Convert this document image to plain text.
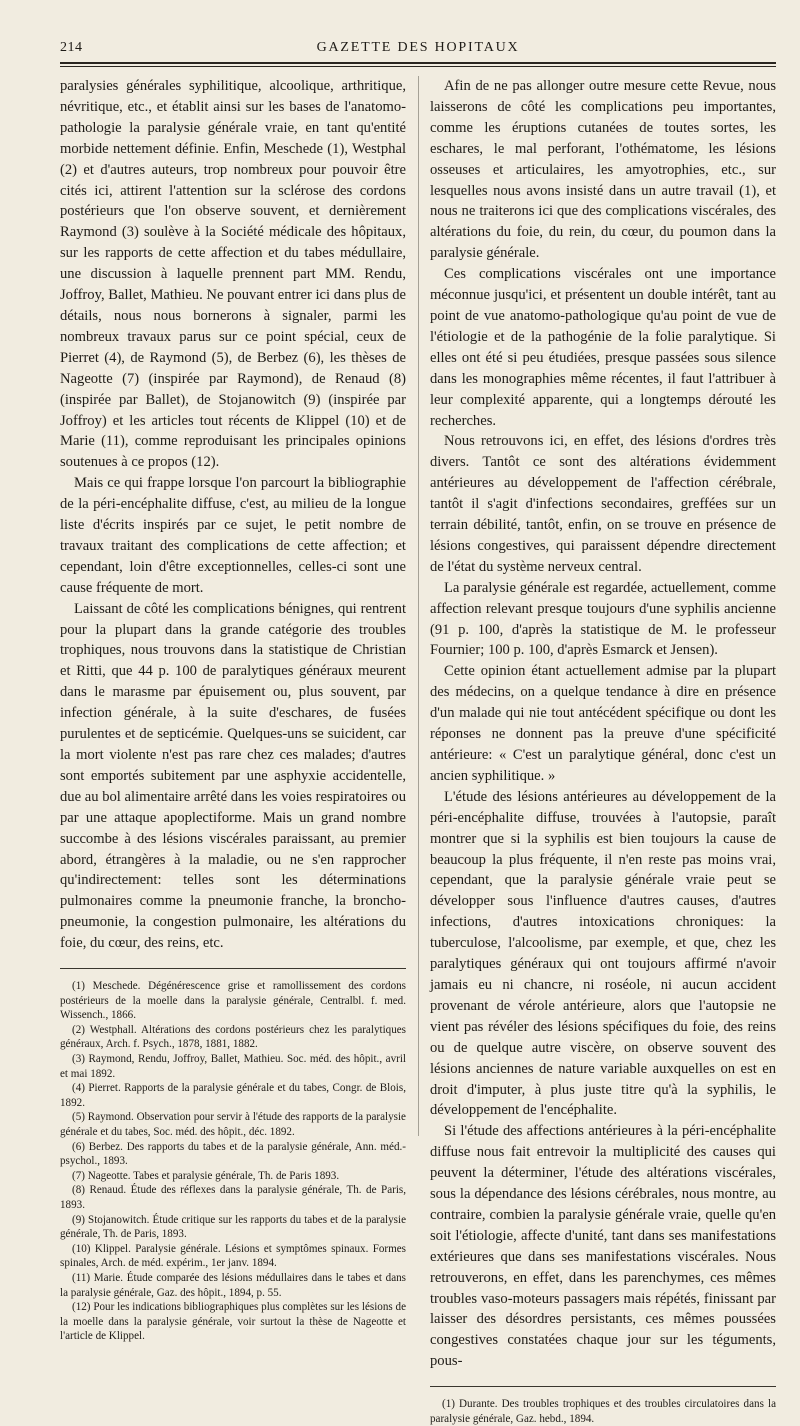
214	GAZETTE DES HOPITAUX

paralysies générales syphilitique, alcoolique, arthritique, névritique, etc., et établit ainsi sur les bases de l'anatomo-pathologie la paralysie générale vraie, en tant qu'entité morbide nettement définie. Enfin, Meschede (1), Westphal (2) et d'autres auteurs, trop nombreux pour pouvoir être cités ici, attirent l'attention sur la sclérose des cordons postérieurs que l'on observe souvent, et dernièrement Raymond (3) soulève à la Société médicale des hôpitaux, sur les rapports de cette affection et du tabes médullaire, une discussion à laquelle prennent part MM. Rendu, Joffroy, Ballet, Mathieu. Ne pouvant entrer ici dans plus de détails, nous nous bornerons à signaler, parmi les nombreux travaux parus sur ce point spécial, ceux de Pierret (4), de Raymond (5), de Berbez (6), les thèses de Nageotte (7) (inspirée par Raymond), de Renaud (8) (inspirée par Ballet), de Stojanowitch (9) (inspirée par Joffroy) et les articles tout récents de Klippel (10) et de Marie (11), comme reproduisant les principales opinions soutenues à ce propos (12).

Mais ce qui frappe lorsque l'on parcourt la bibliographie de la péri-encéphalite diffuse, c'est, au milieu de la longue liste d'écrits inspirés par ce sujet, le petit nombre de travaux traitant des complications de cette affection; et cependant, loin d'être exceptionnelles, celles-ci sont une cause fréquente de mort.

Laissant de côté les complications bénignes, qui rentrent pour la plupart dans la grande catégorie des troubles trophiques, nous trouvons dans la statistique de Christian et Ritti, que 44 p. 100 de paralytiques généraux meurent dans le marasme par épuisement ou, plus souvent, par infection générale, à la suite d'eschares, de fusées purulentes et de septicémie. Quelques-uns se suicident, car la mort violente n'est pas rare chez ces malades; d'autres sont emportés subitement par une asphyxie accidentelle, due au bol alimentaire arrêté dans les voies respiratoires ou par une attaque apoplectiforme. Mais un grand nombre succombe à des lésions viscérales paraissant, au premier abord, étrangères à la maladie, ou ne s'en rapprocher qu'indirectement: telles sont les déterminations pulmonaires comme la pneumonie franche, la broncho-pneumonie, la congestion pulmonaire, les altérations du foie, du cœur, des reins, etc.

(1) Meschede. Dégénérescence grise et ramollissement des cordons postérieurs de la moelle dans la paralysie générale, Centralbl. f. med. Wissench., 1866.

(2) Westphall. Altérations des cordons postérieurs chez les paralytiques généraux, Arch. f. Psych., 1878, 1881, 1882.

(3) Raymond, Rendu, Joffroy, Ballet, Mathieu. Soc. méd. des hôpit., avril et mai 1892.

(4) Pierret. Rapports de la paralysie générale et du tabes, Congr. de Blois, 1892.

(5) Raymond. Observation pour servir à l'étude des rapports de la paralysie générale et du tabes, Soc. méd. des hôpit., déc. 1892.

(6) Berbez. Des rapports du tabes et de la paralysie générale, Ann. méd.-psychol., 1893.

(7) Nageotte. Tabes et paralysie générale, Th. de Paris 1893.

(8) Renaud. Étude des réflexes dans la paralysie générale, Th. de Paris, 1893.

(9) Stojanowitch. Étude critique sur les rapports du tabes et de la paralysie générale, Th. de Paris, 1893.

(10) Klippel. Paralysie générale. Lésions et symptômes spinaux. Formes spinales, Arch. de méd. expérim., 1er janv. 1894.

(11) Marie. Étude comparée des lésions médullaires dans le tabes et dans la paralysie générale, Gaz. des hôpit., 1894, p. 55.

(12) Pour les indications bibliographiques plus complètes sur les lésions de la moelle dans la paralysie générale, voir surtout la thèse de Nageotte et l'article de Klippel.

Afin de ne pas allonger outre mesure cette Revue, nous laisserons de côté les complications peu importantes, comme les éruptions cutanées de toutes sortes, les eschares, le mal perforant, l'othématome, les lésions osseuses et articulaires, les amyotrophies, etc., sur lesquelles nous avons insisté dans un autre travail (1), et nous ne traiterons ici que des complications viscérales, des altérations du foie, du rein, du cœur, du poumon dans la paralysie générale.

Ces complications viscérales ont une importance méconnue jusqu'ici, et présentent un double intérêt, tant au point de vue anatomo-pathologique qu'au point de vue de l'étiologie et de la pathogénie de la folie paralytique. Si elles ont été si peu étudiées, presque passées sous silence dans les monographies même récentes, il faut l'attribuer à leur complexité apparente, qui a longtemps dérouté les recherches.

Nous retrouvons ici, en effet, des lésions d'ordres très divers. Tantôt ce sont des altérations évidemment antérieures au développement de l'affection cérébrale, tantôt il s'agit d'infections secondaires, greffées sur un terrain débilité, tantôt, enfin, on se trouve en présence de lésions congestives, qui paraissent dépendre directement de l'état du système nerveux central.

La paralysie générale est regardée, actuellement, comme affection relevant presque toujours d'une syphilis ancienne (91 p. 100, d'après la statistique de M. le professeur Fournier; 100 p. 100, d'après Esmarck et Jensen).

Cette opinion étant actuellement admise par la plupart des médecins, on a quelque tendance à dire en présence d'un malade qui nie tout antécédent spécifique ou dont les réponses ne donnent pas la preuve d'une spécificité antérieure: « C'est un paralytique général, donc c'est un ancien syphilitique. »

L'étude des lésions antérieures au développement de la péri-encéphalite diffuse, trouvées à l'autopsie, paraît montrer que si la syphilis est bien toujours la cause de beaucoup la plus fréquente, il n'en reste pas moins vrai, cependant, que la paralysie générale vraie peut se développer sous l'influence d'autres causes, d'autres infections, d'autres intoxications chroniques: la tuberculose, l'alcoolisme, par exemple, et que, chez les paralytiques généraux qui ont toujours affirmé n'avoir jamais eu ni chancre, ni roséole, ni aucun accident provenant de vérole antérieure, alors que l'autopsie ne vient pas révéler des lésions spécifiques du foie, des reins ou de quelque autre viscère, on observe souvent des lésions anciennes de nature variable auxquelles on est en droit d'imputer, à plus juste titre qu'à la syphilis, le développement de l'encéphalite.

Si l'étude des affections antérieures à la péri-encéphalite diffuse nous fait entrevoir la multiplicité des causes qui peuvent la déterminer, l'étude des altérations viscérales, sous la dépendance des lésions cérébrales, nous montre, au contraire, combien la paralysie générale vraie, quelle qu'en soit l'étiologie, affecte d'unité, tant dans ses manifestations extérieures que dans ses manifestations viscérales. Nous retrouverons, en effet, dans les parenchymes, ces mêmes troubles vaso-moteurs passagers mais répétés, finissant par laisser des désordres persistants, ces mêmes poussées congestives constatées chaque jour sur les téguments, pous-

(1) Durante. Des troubles trophiques et des troubles circulatoires dans la paralysie générale, Gaz. hebd., 1894.
